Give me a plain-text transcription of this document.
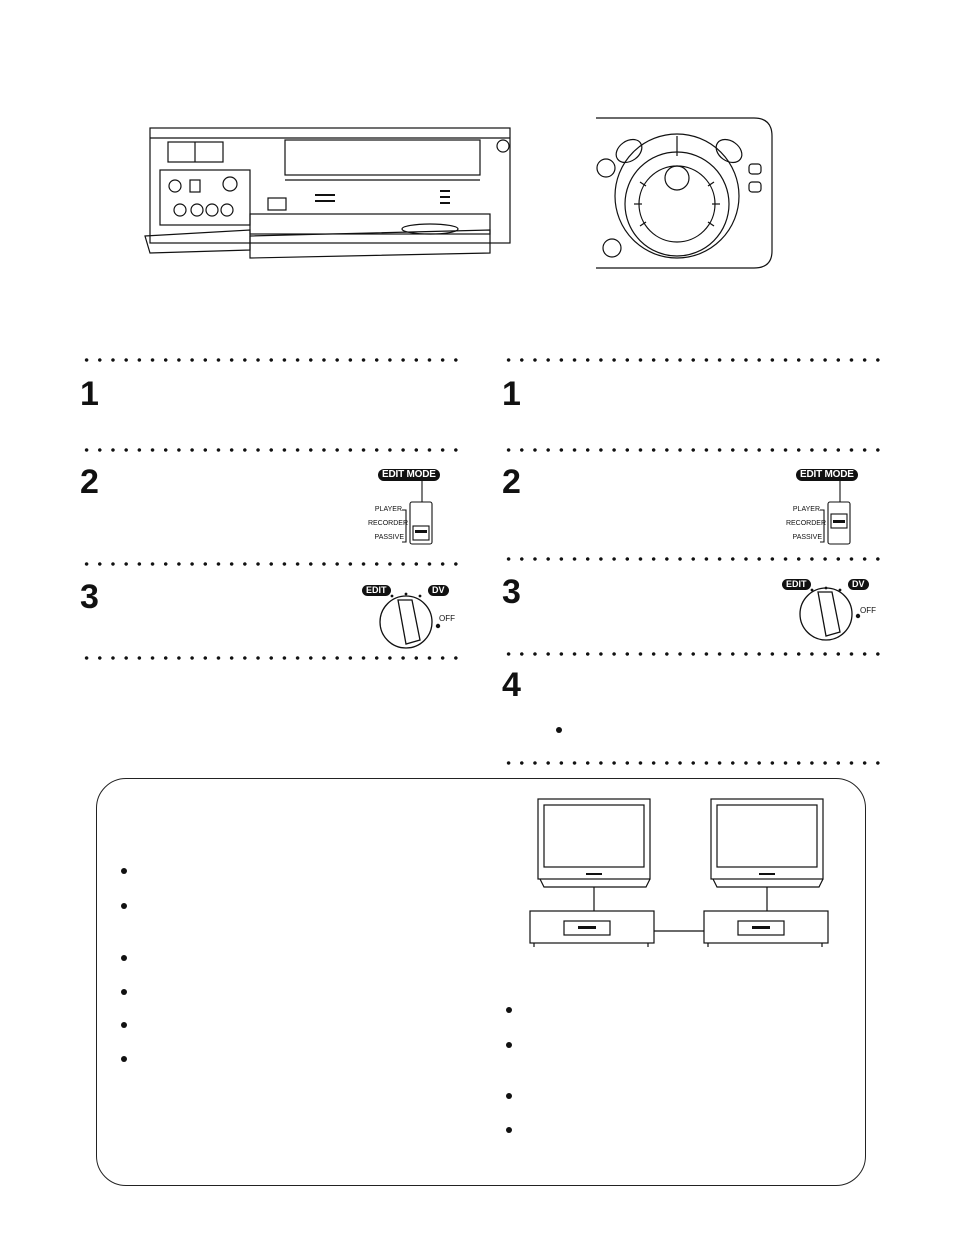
1
2	EDIT MODE
PLAYER
RECORDER
PASSIVE
3	EDIT	DV
OFF
1
2	EDIT MODE
PLAYER
RECORDER
PASSIVE
3	EDIT	DV
OFF
4
